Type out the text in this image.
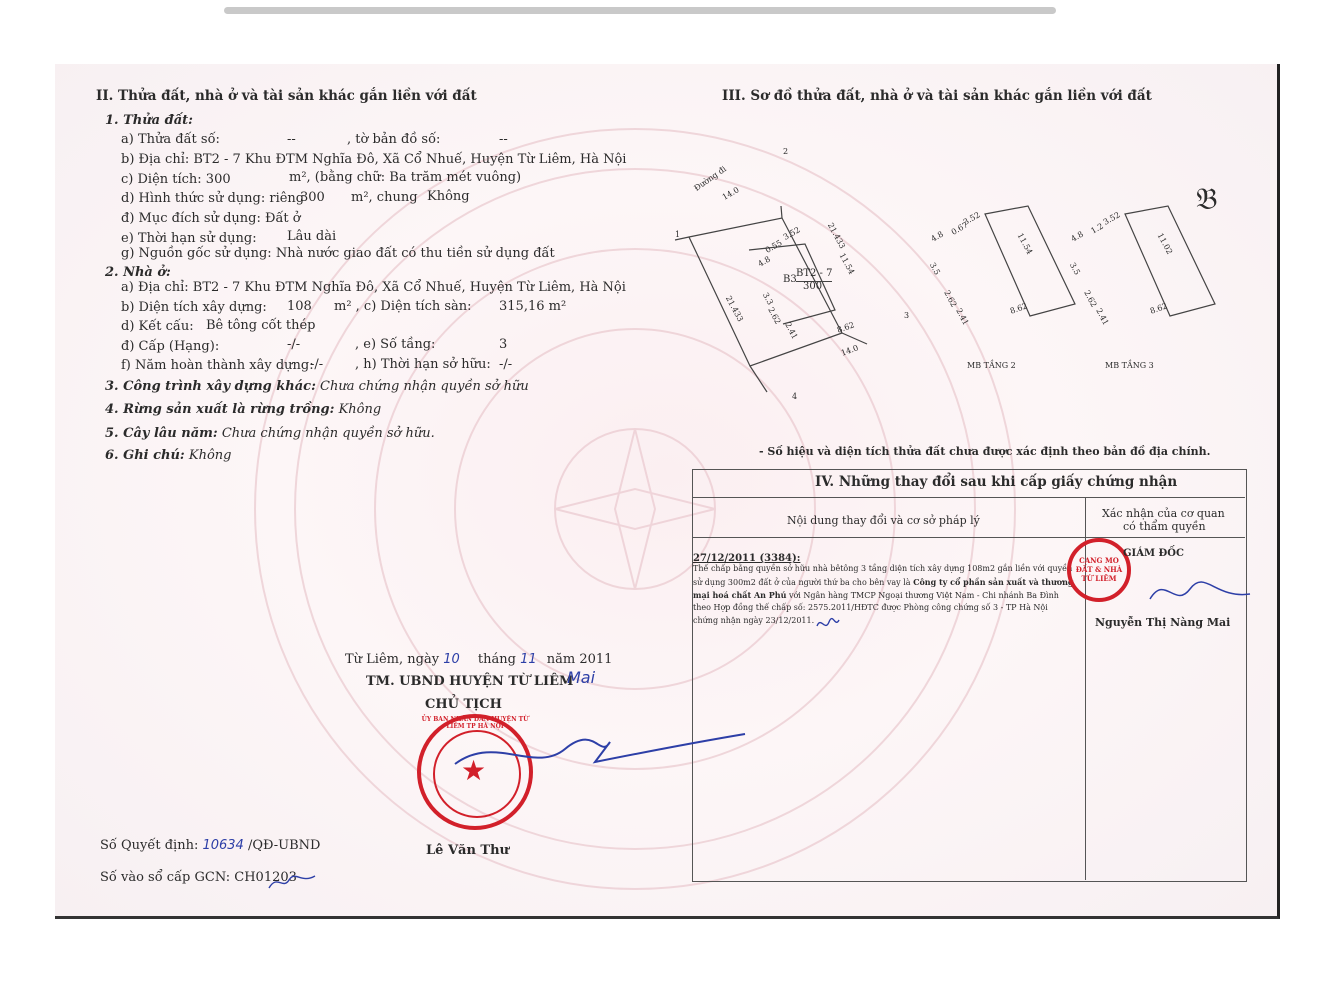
II. Thửa đất, nhà ở và tài sản khác gắn liền với đất
1. Thửa đất:
a) Thửa đất số:	--	, tờ bản đồ số:	--
b) Địa chỉ: BT2 - 7 Khu ĐTM Nghĩa Đô, Xã Cổ Nhuế, Huyện Từ Liêm, Hà Nội
c) Diện tích: 300	m², (bằng chữ: Ba trăm mét vuông)
d) Hình thức sử dụng: riêng
300 m², chung Không
đ) Mục đích sử dụng: Đất ở
e) Thời hạn sử dụng: Lâu dài
g) Nguồn gốc sử dụng: Nhà nước giao đất có thu tiền sử dụng đất
2. Nhà ở:
a) Địa chỉ: BT2 - 7 Khu ĐTM Nghĩa Đô, Xã Cổ Nhuế, Huyện Từ Liêm, Hà Nội
b) Diện tích xây dựng: 108 m² , c) Diện tích sàn: 315,16 m²
d) Kết cấu: Bê tông cốt thép
đ) Cấp (Hạng):	-/-	, e) Số tầng:	3
f) Năm hoàn thành xây dựng:
-/- , h) Thời hạn sở hữu: -/-
3. Công trình xây dựng khác: Chưa chứng nhận quyền sở hữu
4. Rừng sản xuất là rừng trồng: Không
5. Cây lâu năm: Chưa chứng nhận quyền sở hữu.
6. Ghi chú: Không
III. Sơ đồ thửa đất, nhà ở và tài sản khác gắn liền với đất
𝔅
2
1
3
4
Đường đi
14.0
14.0
21.433
21.433
11.54
8.62
3.52
4.8
0.55
3.3
2.62
2.41
B3
BT2 - 7
300
3.52
4.8 0.67
11.54
3.5
2.62
2.41	8.62
MB TẦNG 2
3.52
4.8
1.2
11.02
3.5
2.62
2.41	8.62
MB TẦNG 3
- Số hiệu và diện tích thửa đất chưa được xác định theo bản đồ địa chính.
IV. Những thay đổi sau khi cấp giấy chứng nhận
Nội dung thay đổi và cơ sở pháp lý
Xác nhận của cơ quan
có thẩm quyền
27/12/2011 (3384):
Thế chấp bằng quyền sở hữu nhà bêtông 3 tầng diện tích xây dựng 108m2 gắn liền với quyền
sử dụng 300m2 đất ở của người thứ ba cho bên vay là Công ty cổ phần sản xuất và thương
mại hoá chất An Phú với Ngân hàng TMCP Ngoại thương Việt Nam - Chi nhánh Ba Đình
theo Hợp đồng thế chấp số: 2575.2011/HĐTC được Phòng công chứng số 3 - TP Hà Nội
chứng nhận ngày 23/12/2011.
CANG MO
ĐẤT & NHÀ
TỪ LIÊM
GIÁM ĐỐC
Nguyễn Thị Nàng Mai
Từ Liêm, ngày 10 tháng 11 năm 2011
TM. UBND HUYỆN TỪ LIÊM
Mai
CHỦ TỊCH
★
ỦY BAN NHÂN DÂN HUYỆN TỪ LIÊM TP HÀ NỘI
Lê Văn Thư
Số Quyết định: 10634 /QĐ-UBND
Số vào sổ cấp GCN: CH01203
